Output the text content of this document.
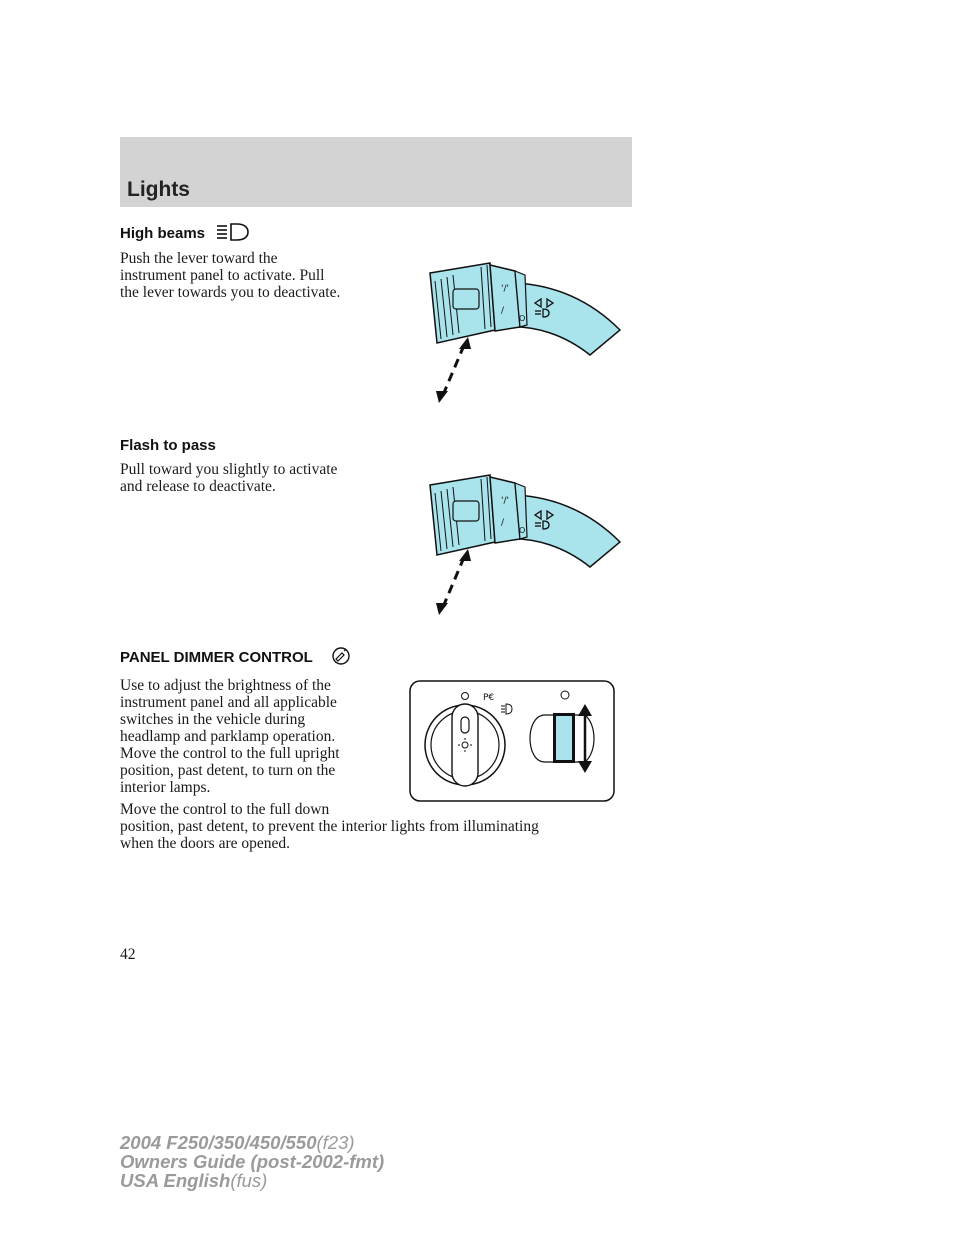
Lights
High beams

Push the lever toward the
instrument panel to activate. Pull
the lever towards you to deactivate.	'/'
/
O
Flash to pass

Pull toward you slightly to activate
and release to deactivate.

'/'
/
O
PANEL DIMMER CONTROL

Use to adjust the brightness of the
instrument panel and all applicable
switches in the vehicle during
headlamp and parklamp operation.

Move the control to the full upright
position, past detent, to turn on the
interior lamps.

Move the control to the full down
position, past detent, to prevent the interior lights from illuminating
when the doors are opened.

P€
42
2004 F250/350/450/550(f23)
Owners Guide (post-2002-fmt)
USA English(fus)
